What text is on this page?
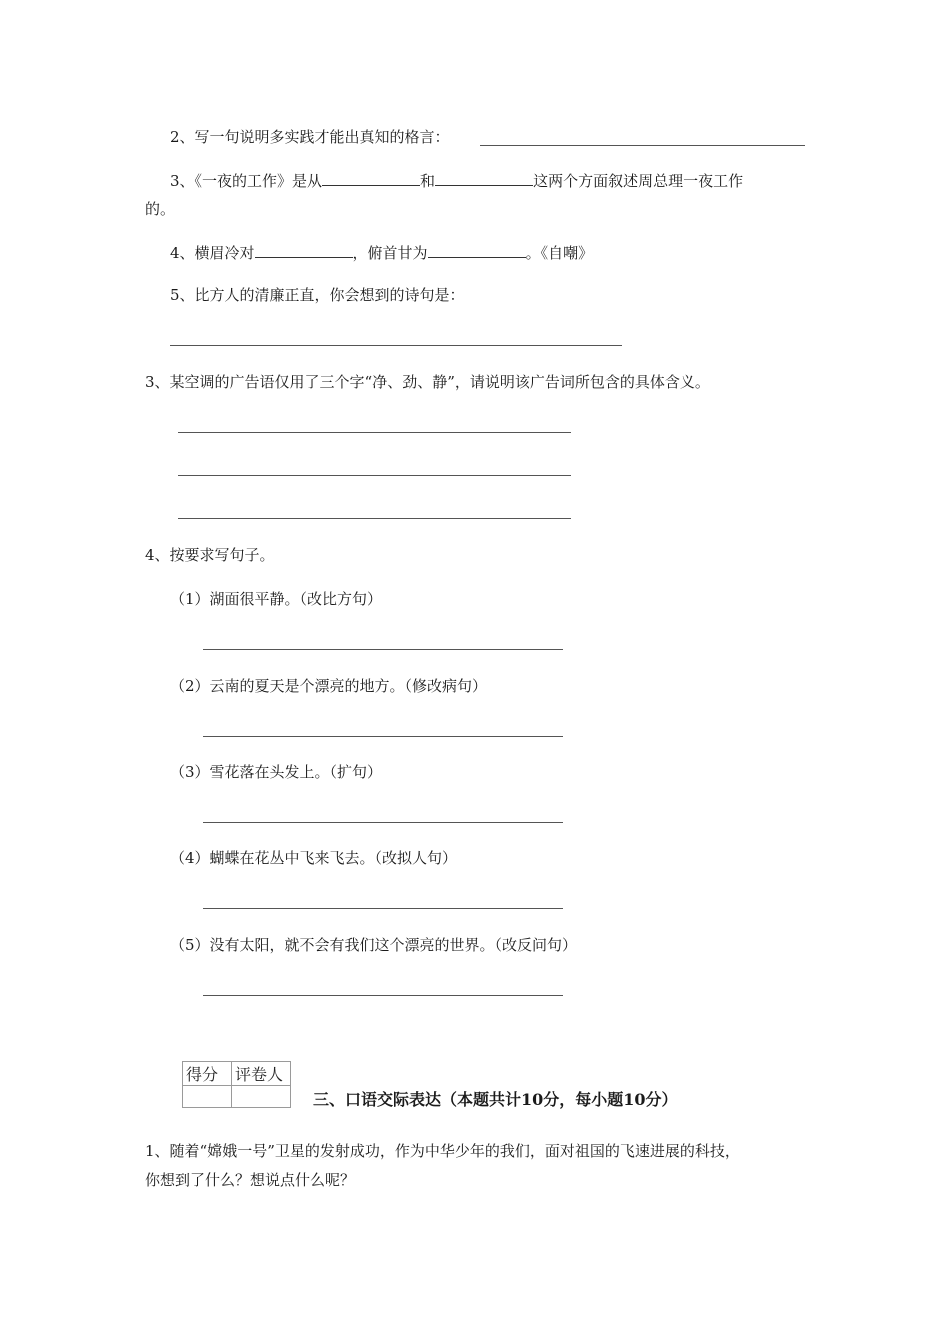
2、写一句说明多实践才能出真知的格言：
3、《一夜的工作》是从	和	这两个方面叙述周总理一夜工作
的。
4、横眉冷对	，俯首甘为	。《自嘲》
5、比方人的清廉正直，你会想到的诗句是：
3、某空调的广告语仅用了三个字“净、劲、静”，请说明该广告词所包含的具体含义。
4、按要求写句子。
（1）湖面很平静。（改比方句）
（2）云南的夏天是个漂亮的地方。（修改病句）
（3）雪花落在头发上。（扩句）
（4）蝴蝶在花丛中飞来飞去。（改拟人句）
（5）没有太阳，就不会有我们这个漂亮的世界。（改反问句）
得分	评卷人

三、口语交际表达（本题共计10分，每小题10分）
1、随着“嫦娥一号”卫星的发射成功，作为中华少年的我们，面对祖国的飞速进展的科技，
你想到了什么？想说点什么呢？
